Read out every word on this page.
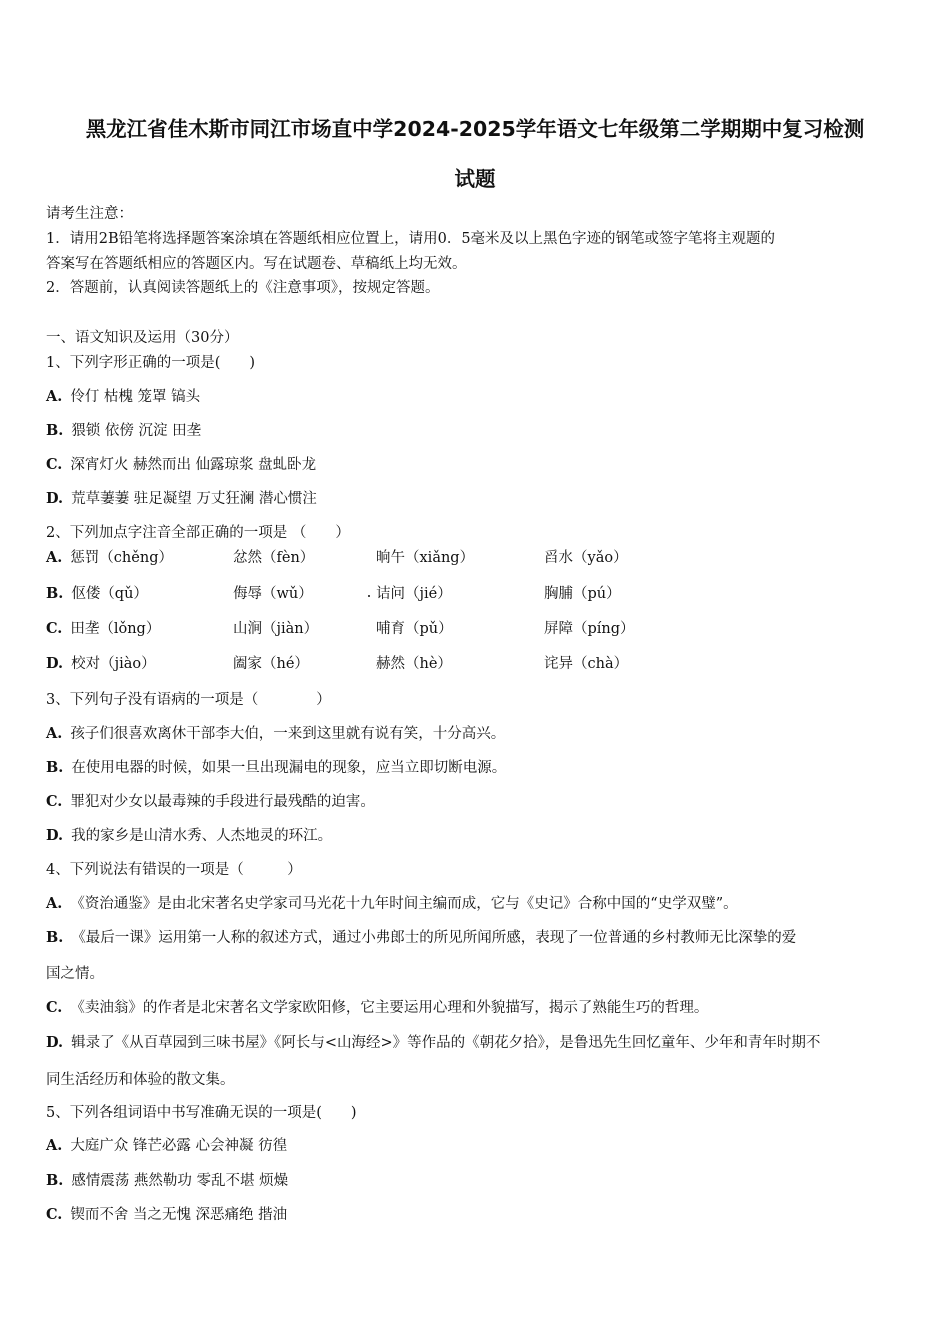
黑龙江省佳木斯市同江市场直中学2024-2025学年语文七年级第二学期期中复习检测
试题
请考生注意：
1．请用2B铅笔将选择题答案涂填在答题纸相应位置上，请用0．5毫米及以上黑色字迹的钢笔或签字笔将主观题的
答案写在答题纸相应的答题区内。写在试题卷、草稿纸上均无效。
2．答题前，认真阅读答题纸上的《注意事项》，按规定答题。
一、语文知识及运用（30分）
1、下列字形正确的一项是(　　)
A. 伶仃 枯槐 笼罩 镐头
B. 猥锁 依傍 沉淀 田垄
C. 深宵灯火 赫然而出 仙露琼浆 盘虬卧龙
D. 荒草萋萋 驻足凝望 万丈狂澜 潜心惯注
2、下列加点字注音全部正确的一项是 （　　）
A. 惩罚（chěng）	忿然（fèn）	晌午（xiǎng）	舀水（yǎo）
B. 伛偻（qǔ）	侮辱（wǔ）	诘问（jié）	胸脯（pú）
C. 田垄（lǒng）	山涧（jiàn）	哺育（pǔ）	屏障（píng）
D. 校对（jiào）	阖家（hé）	赫然（hè）	诧异（chà）
3、下列句子没有语病的一项是（　　　　）
A. 孩子们很喜欢离休干部李大伯，一来到这里就有说有笑，十分高兴。
B. 在使用电器的时候，如果一旦出现漏电的现象，应当立即切断电源。
C. 罪犯对少女以最毒辣的手段进行最残酷的迫害。
D. 我的家乡是山清水秀、人杰地灵的环江。
4、下列说法有错误的一项是（　　　）
A. 《资治通鉴》是由北宋著名史学家司马光花十九年时间主编而成，它与《史记》合称中国的“史学双璧”。
B. 《最后一课》运用第一人称的叙述方式，通过小弗郎士的所见所闻所感，表现了一位普通的乡村教师无比深挚的爱
国之情。
C. 《卖油翁》的作者是北宋著名文学家欧阳修，它主要运用心理和外貌描写，揭示了熟能生巧的哲理。
D. 辑录了《从百草园到三味书屋》《阿长与<山海经>》等作品的《朝花夕拾》，是鲁迅先生回忆童年、少年和青年时期不
同生活经历和体验的散文集。
5、下列各组词语中书写准确无误的一项是(　　)
A. 大庭广众 锋芒必露 心会神凝 彷徨
B. 感情震荡 燕然勒功 零乱不堪 烦燥
C. 锲而不舍 当之无愧 深恶痛绝 揩油
